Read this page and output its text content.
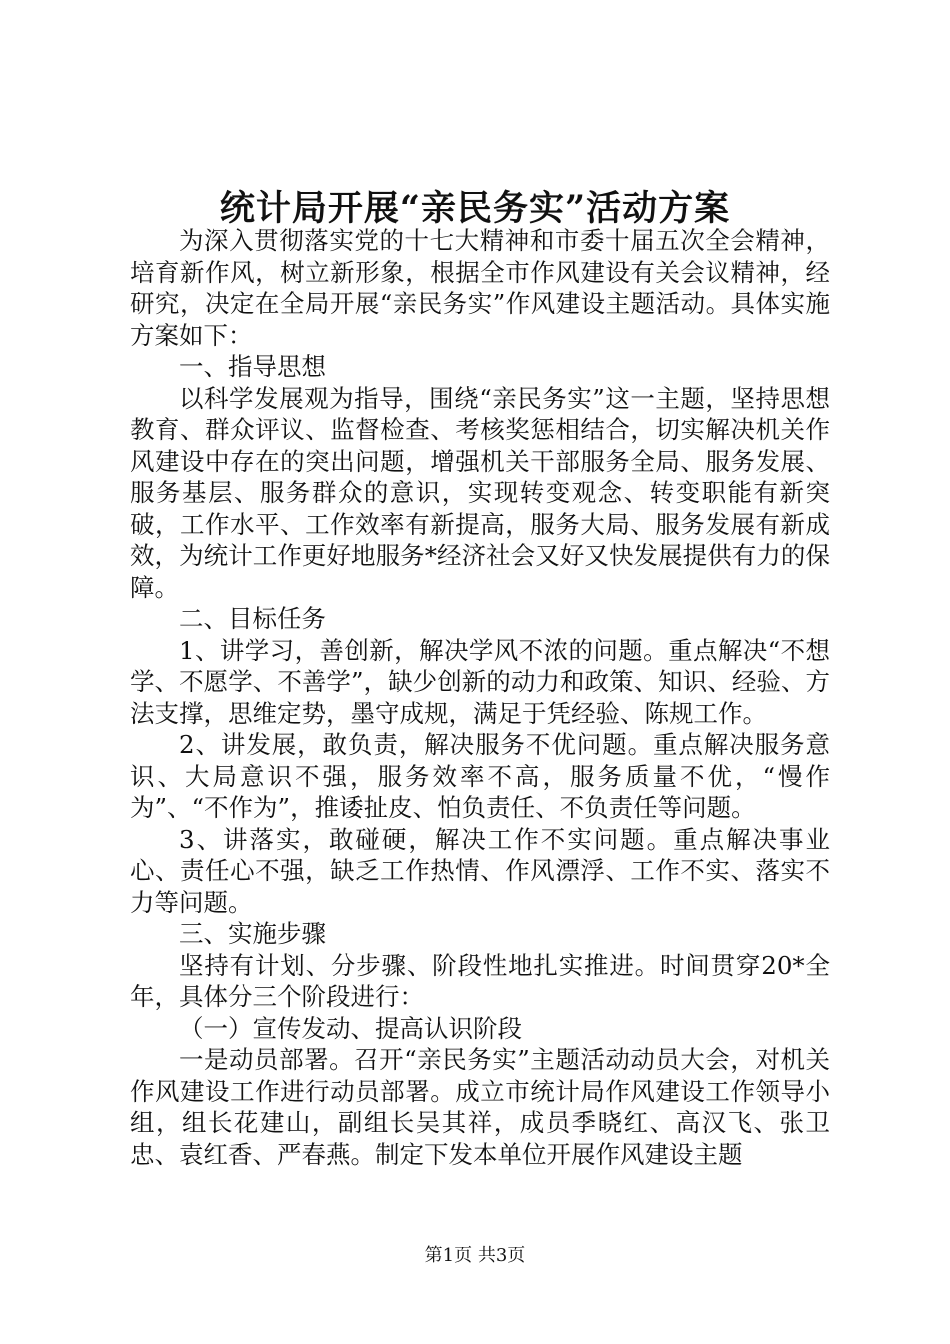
统计局开展“亲民务实”活动方案

为深入贯彻落实党的十七大精神和市委十届五次全会精神，培育新作风，树立新形象，根据全市作风建设有关会议精神，经研究，决定在全局开展“亲民务实”作风建设主题活动。具体实施方案如下：

一、指导思想

以科学发展观为指导，围绕“亲民务实”这一主题，坚持思想教育、群众评议、监督检查、考核奖惩相结合，切实解决机关作风建设中存在的突出问题，增强机关干部服务全局、服务发展、服务基层、服务群众的意识，实现转变观念、转变职能有新突破，工作水平、工作效率有新提高，服务大局、服务发展有新成效，为统计工作更好地服务*经济社会又好又快发展提供有力的保障。

二、目标任务

1、讲学习，善创新，解决学风不浓的问题。重点解决“不想学、不愿学、不善学”，缺少创新的动力和政策、知识、经验、方法支撑，思维定势，墨守成规，满足于凭经验、陈规工作。

2、讲发展，敢负责，解决服务不优问题。重点解决服务意识、大局意识不强，服务效率不高，服务质量不优，“慢作为”、“不作为”，推诿扯皮、怕负责任、不负责任等问题。

3、讲落实，敢碰硬，解决工作不实问题。重点解决事业心、责任心不强，缺乏工作热情、作风漂浮、工作不实、落实不力等问题。

三、实施步骤

坚持有计划、分步骤、阶段性地扎实推进。时间贯穿20*全年，具体分三个阶段进行：

（一）宣传发动、提高认识阶段

一是动员部署。召开“亲民务实”主题活动动员大会，对机关作风建设工作进行动员部署。成立市统计局作风建设工作领导小组，组长花建山，副组长吴其祥，成员季晓红、高汉飞、张卫忠、袁红香、严春燕。制定下发本单位开展作风建设主题

第1页 共3页
